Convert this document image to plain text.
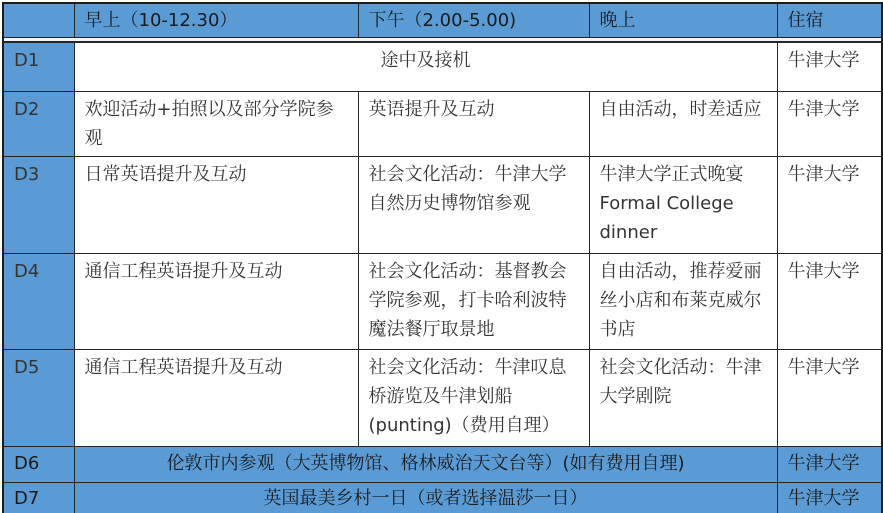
	早上（10-12.30）	下午（2.00-5.00)	晚上	住宿

D1	途中及接机			牛津大学
D2	欢迎活动+拍照以及部分学院参观	英语提升及互动	自由活动，时差适应	牛津大学
D3	日常英语提升及互动	社会文化活动：牛津大学自然历史博物馆参观	牛津大学正式晚宴 Formal College dinner	牛津大学
D4	通信工程英语提升及互动	社会文化活动：基督教会学院参观，打卡哈利波特魔法餐厅取景地	自由活动，推荐爱丽丝小店和布莱克威尔书店	牛津大学
D5	通信工程英语提升及互动	社会文化活动：牛津叹息桥游览及牛津划船 (punting)（费用自理）	社会文化活动：牛津大学剧院	牛津大学
D6	伦敦市内参观（大英博物馆、格林威治天文台等）(如有费用自理)			牛津大学
D7	英国最美乡村一日（或者选择温莎一日）			牛津大学
